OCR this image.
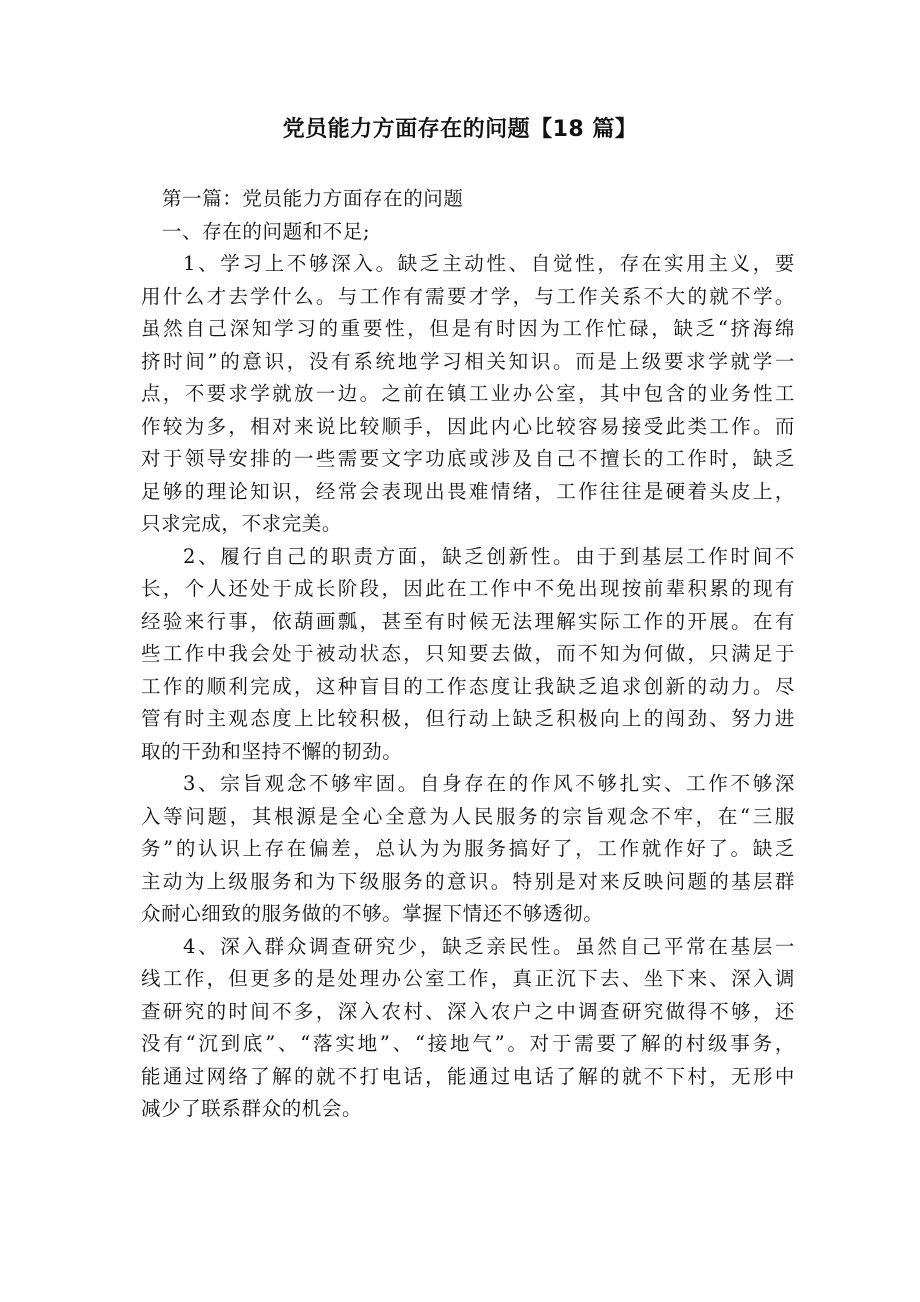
党员能力方面存在的问题【18 篇】
第一篇：党员能力方面存在的问题
一、存在的问题和不足;
1、学习上不够深入。缺乏主动性、自觉性，存在实用主义，要
用什么才去学什么。与工作有需要才学，与工作关系不大的就不学。
虽然自己深知学习的重要性，但是有时因为工作忙碌，缺乏“挤海绵
挤时间”的意识，没有系统地学习相关知识。而是上级要求学就学一
点，不要求学就放一边。之前在镇工业办公室，其中包含的业务性工
作较为多，相对来说比较顺手，因此内心比较容易接受此类工作。而
对于领导安排的一些需要文字功底或涉及自己不擅长的工作时，缺乏
足够的理论知识，经常会表现出畏难情绪，工作往往是硬着头皮上，
只求完成，不求完美。
2、履行自己的职责方面，缺乏创新性。由于到基层工作时间不
长，个人还处于成长阶段，因此在工作中不免出现按前辈积累的现有
经验来行事，依葫画瓢，甚至有时候无法理解实际工作的开展。在有
些工作中我会处于被动状态，只知要去做，而不知为何做，只满足于
工作的顺利完成，这种盲目的工作态度让我缺乏追求创新的动力。尽
管有时主观态度上比较积极，但行动上缺乏积极向上的闯劲、努力进
取的干劲和坚持不懈的韧劲。
3、宗旨观念不够牢固。自身存在的作风不够扎实、工作不够深
入等问题，其根源是全心全意为人民服务的宗旨观念不牢，在“三服
务”的认识上存在偏差，总认为为服务搞好了，工作就作好了。缺乏
主动为上级服务和为下级服务的意识。特别是对来反映问题的基层群
众耐心细致的服务做的不够。掌握下情还不够透彻。
4、深入群众调查研究少，缺乏亲民性。虽然自己平常在基层一
线工作，但更多的是处理办公室工作，真正沉下去、坐下来、深入调
查研究的时间不多，深入农村、深入农户之中调查研究做得不够，还
没有“沉到底”、“落实地”、“接地气”。对于需要了解的村级事务，
能通过网络了解的就不打电话，能通过电话了解的就不下村，无形中
减少了联系群众的机会。
